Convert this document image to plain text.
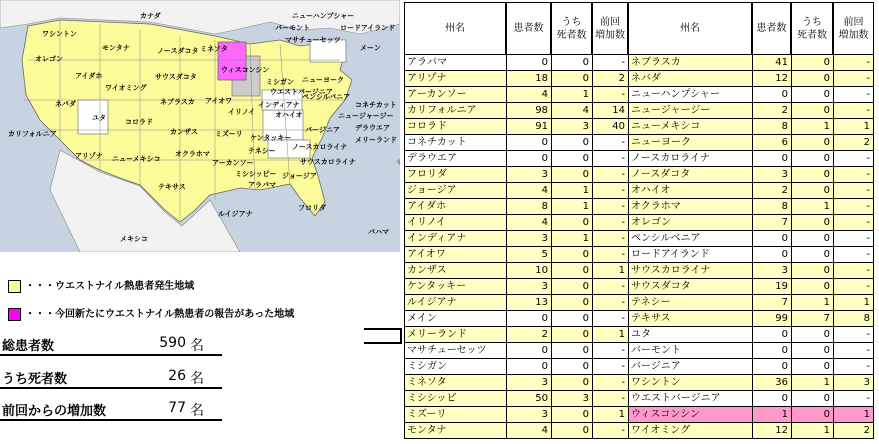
カナダ
ワシントン
モンタナ	ノースダコタ ミネソタ
ウィスコンシン
ミシガン
オレゴン
アイダホ	サウスダコタ
ワイオミング
ネブラスカ アイオワ
イリノイ
インディアナ
オハイオ
ネバダ
ユタ	コロラド
カンザス ミズーリ ケンタッキー
カリフォルニア
アリゾナ ニューメキシコ
オクラホマ
アーカンソー
テネシー ノースカロライナ
サウスカロライナ
テキサス
ルイジアナ
ミシシッピー
アラバマ
ジョージア
フロリダ
メキシコ
バハマ
ニューハンプシャー
バーモント
マサチューセッツ
ロードアイランド
メーン
ニューヨーク
ペンシルバニア
ウエストバージニア
バージニア
コネチカット
ニュージャージー
デラウエア
メリーランド
・・・ウエストナイル熱患者発生地域
・・・今回新たにウエストナイル熱患者の報告があった地域
総患者数	590 名
うち死者数	26 名
前回からの増加数	77 名
州名	患者数
うち
死者数
前回
増加数
州名	患者数
うち
死者数
前回
増加数
アラバマ	0	0	- ネブラスカ	41	0	-
アリゾナ	18	0	2 ネバダ	12	0	-
アーカンソー	4	1	- ニューハンプシャー	0	0	-
カリフォルニア	98	4	14 ニュージャージー	2	0	-
コロラド	91	3	40 ニューメキシコ	8	1	1
コネチカット	0	0	- ニューヨーク	6	0	2
デラウエア	0	0	- ノースカロライナ	0	0	-
フロリダ	3	0	- ノースダコタ	3	0	-
ジョージア	4	1	- オハイオ	2	0	-
アイダホ	8	1	- オクラホマ	8	1	-
イリノイ	4	0	- オレゴン	7	0	-
インディアナ	3	1	- ペンシルベニア	0	0	-
アイオワ	5	0	- ロードアイランド	0	0	-
カンザス	10	0	1 サウスカロライナ	3	0	-
ケンタッキー	3	0	- サウスダコタ	19	0	-
ルイジアナ	13	0	- テネシー	7	1	1
メイン	0	0	- テキサス	99	7	8
メリーランド	2	0	1 ユタ	0	0	-
マサチューセッツ	0	0	- バーモント	0	0	-
ミシガン	0	0	- バージニア	0	0	-
ミネソタ	3	0	- ワシントン	36	1	3
ミシシッピ	50	3	- ウエストバージニア	0	0	-
ミズーリ	3	0	1 ウィスコンシン	1	0	1
モンタナ	4	0	- ワイオミング	12	1	2
